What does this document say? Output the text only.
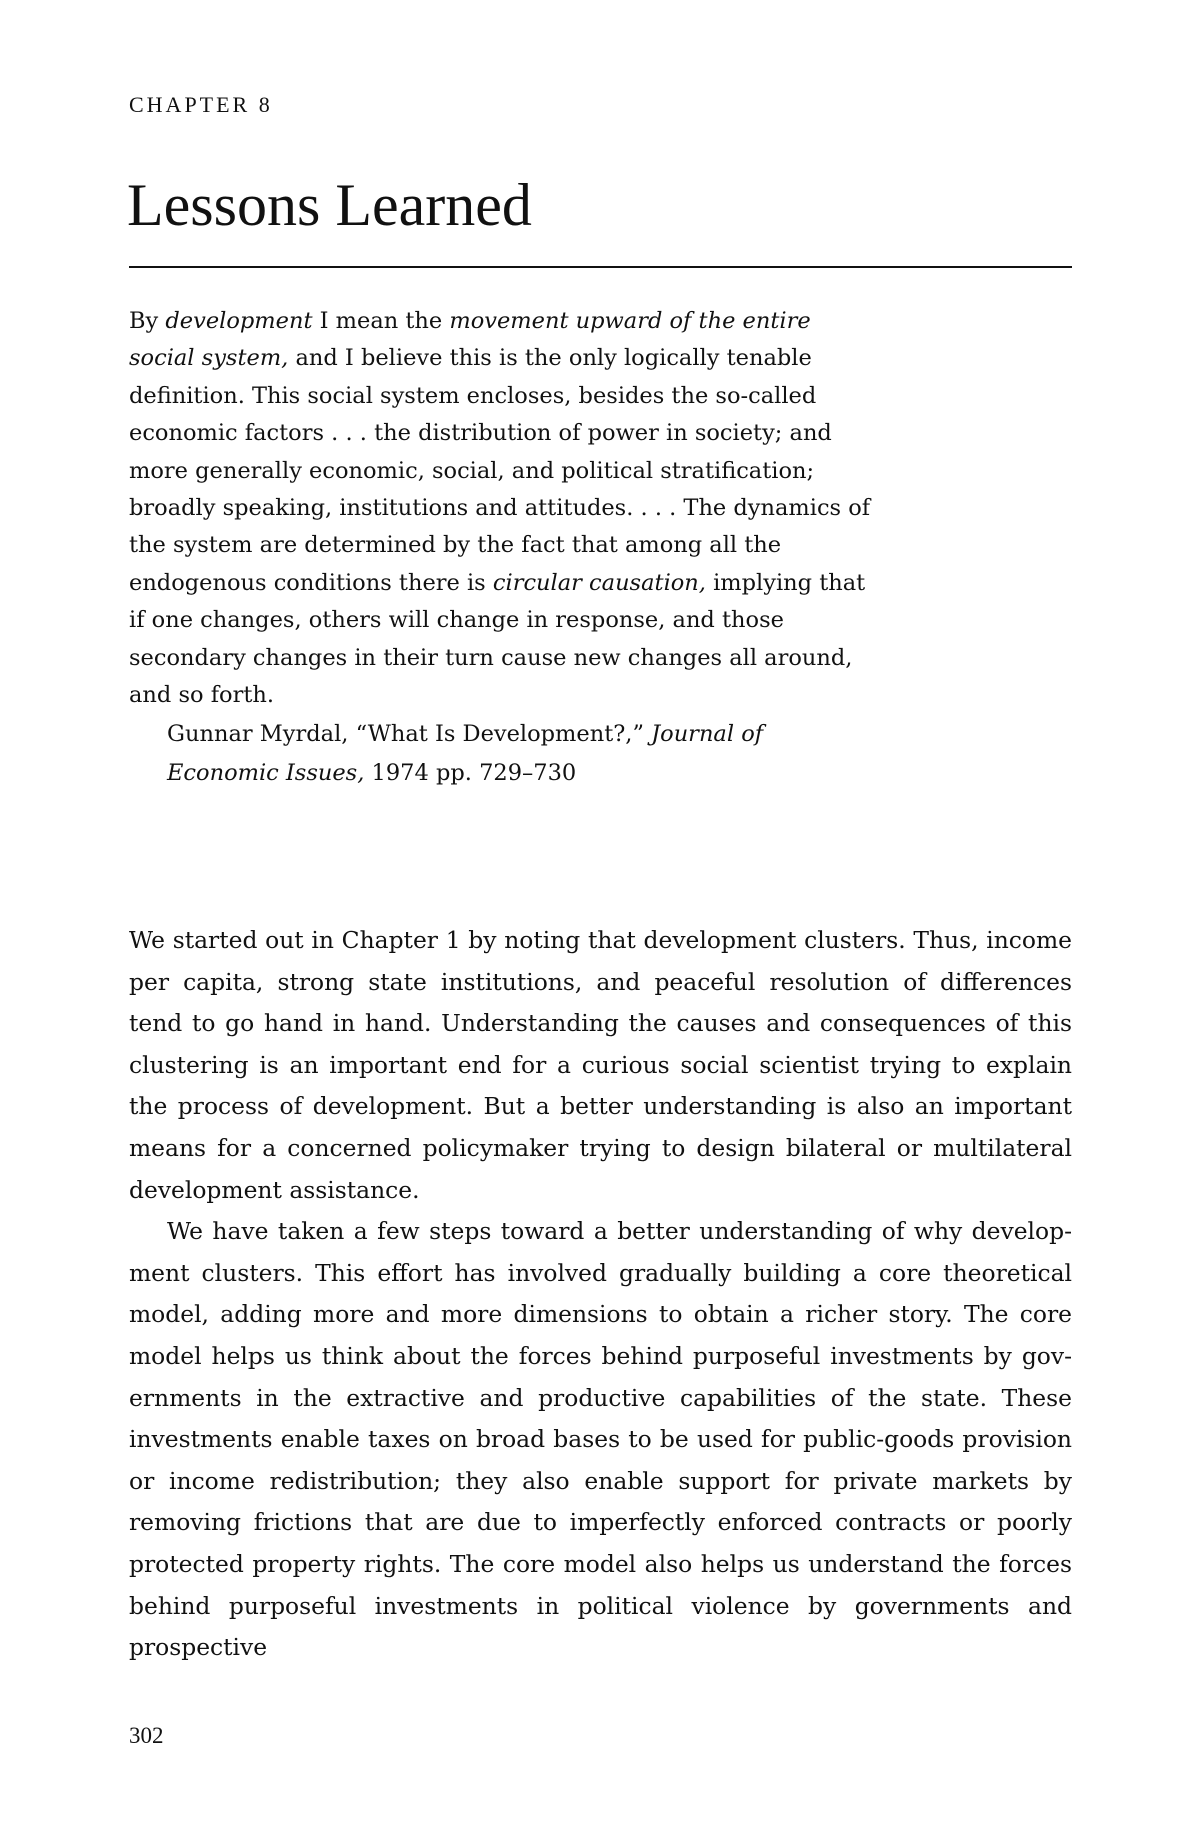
CHAPTER 8
Lessons Learned

By development I mean the movement upward of the entire social system, and I believe this is the only logically tenable definition. This social system encloses, besides the so-called economic factors . . . the distribution of power in society; and more generally economic, social, and political stratification; broadly speaking, institutions and attitudes. . . . The dynamics of the system are determined by the fact that among all the endogenous conditions there is circular causation, implying that if one changes, others will change in response, and those secondary changes in their turn cause new changes all around, and so forth.

Gunnar Myrdal, “What Is Development?,” Journal of Economic Issues, 1974 pp. 729–730

We started out in Chapter 1 by noting that development clusters. Thus, income per capita, strong state institutions, and peaceful resolution of differences tend to go hand in hand. Understanding the causes and consequences of this clustering is an important end for a curious social scientist trying to explain the process of development. But a better understanding is also an important means for a concerned policymaker trying to design bilateral or multilateral development assistance.

We have taken a few steps toward a better understanding of why development clusters. This effort has involved gradually building a core theoretical model, adding more and more dimensions to obtain a richer story. The core model helps us think about the forces behind purposeful investments by governments in the extractive and productive capabilities of the state. These investments enable taxes on broad bases to be used for public-goods provision or income redistribution; they also enable support for private markets by removing frictions that are due to imperfectly enforced contracts or poorly protected property rights. The core model also helps us understand the forces behind purposeful investments in political violence by governments and prospective

302
